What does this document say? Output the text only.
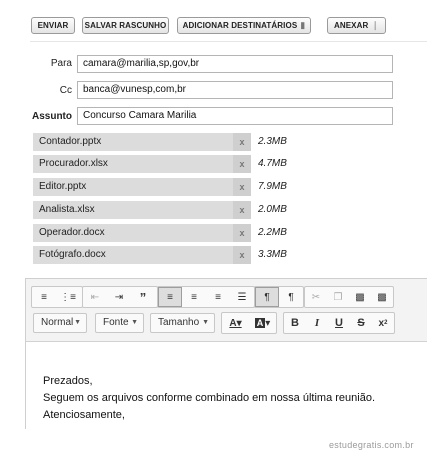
ENVIAR SALVAR RASCUNHO ADICIONAR DESTINATÁRIOS ▮	ANEXAR ❘
Para	camara@marilia,sp,gov,br
Cc	banca@vunesp,com,br
Assunto	Concurso Camara Marilia
Contador.pptx	x	2.3MB
Procurador.xlsx	x	4.7MB
Editor.pptx	x	7.9MB
Analista.xlsx	x	2.0MB
Operador.docx	x	2.2MB
Fotógrafo.docx	x	3.3MB
≡	⋮≡	⇤	⇥	”	≡	≡	≡	☰	¶	¶	✂	❐	▩	▩
Normal ▼	Fonte ▼	Tamanho ▼	A▾	A ▾	B	I	U	S	x 2
Prezados,
Seguem os arquivos conforme combinado em nossa última reunião.
Atenciosamente,
estudegratis.com.br
